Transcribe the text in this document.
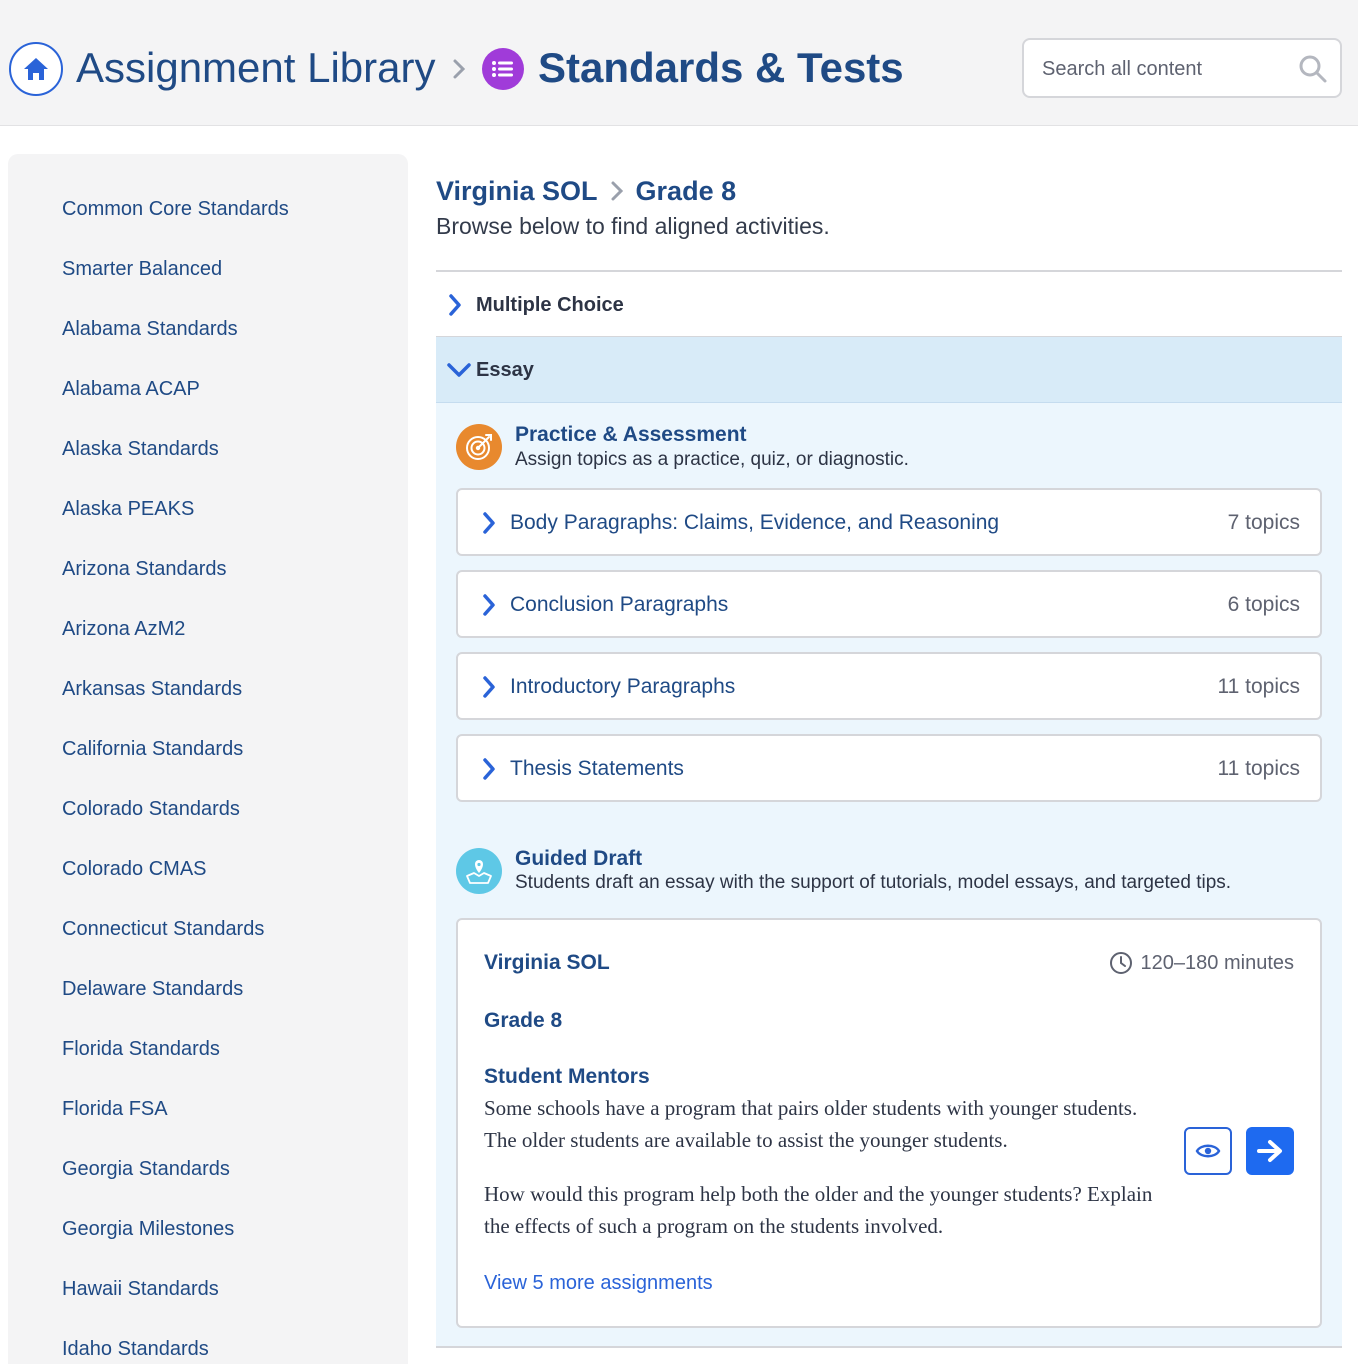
Assignment Library Standards & Tests
Search all content
Common Core Standards
Smarter Balanced
Alabama Standards
Alabama ACAP
Alaska Standards
Alaska PEAKS
Arizona Standards
Arizona AzM2
Arkansas Standards
California Standards
Colorado Standards
Colorado CMAS
Connecticut Standards
Delaware Standards
Florida Standards
Florida FSA
Georgia Standards
Georgia Milestones
Hawaii Standards
Idaho Standards
Virginia SOL Grade 8
Browse below to find aligned activities.
Multiple Choice
Essay
Practice & Assessment
Assign topics as a practice, quiz, or diagnostic.
Body Paragraphs: Claims, Evidence, and Reasoning	7 topics
Conclusion Paragraphs	6 topics
Introductory Paragraphs	11 topics
Thesis Statements	11 topics
Guided Draft
Students draft an essay with the support of tutorials, model essays, and targeted tips.
Virginia SOL	120–180 minutes
Grade 8
Student Mentors
Some schools have a program that pairs older students with younger students. The older students are available to assist the younger students.
How would this program help both the older and the younger students? Explain the effects of such a program on the students involved.
View 5 more assignments
